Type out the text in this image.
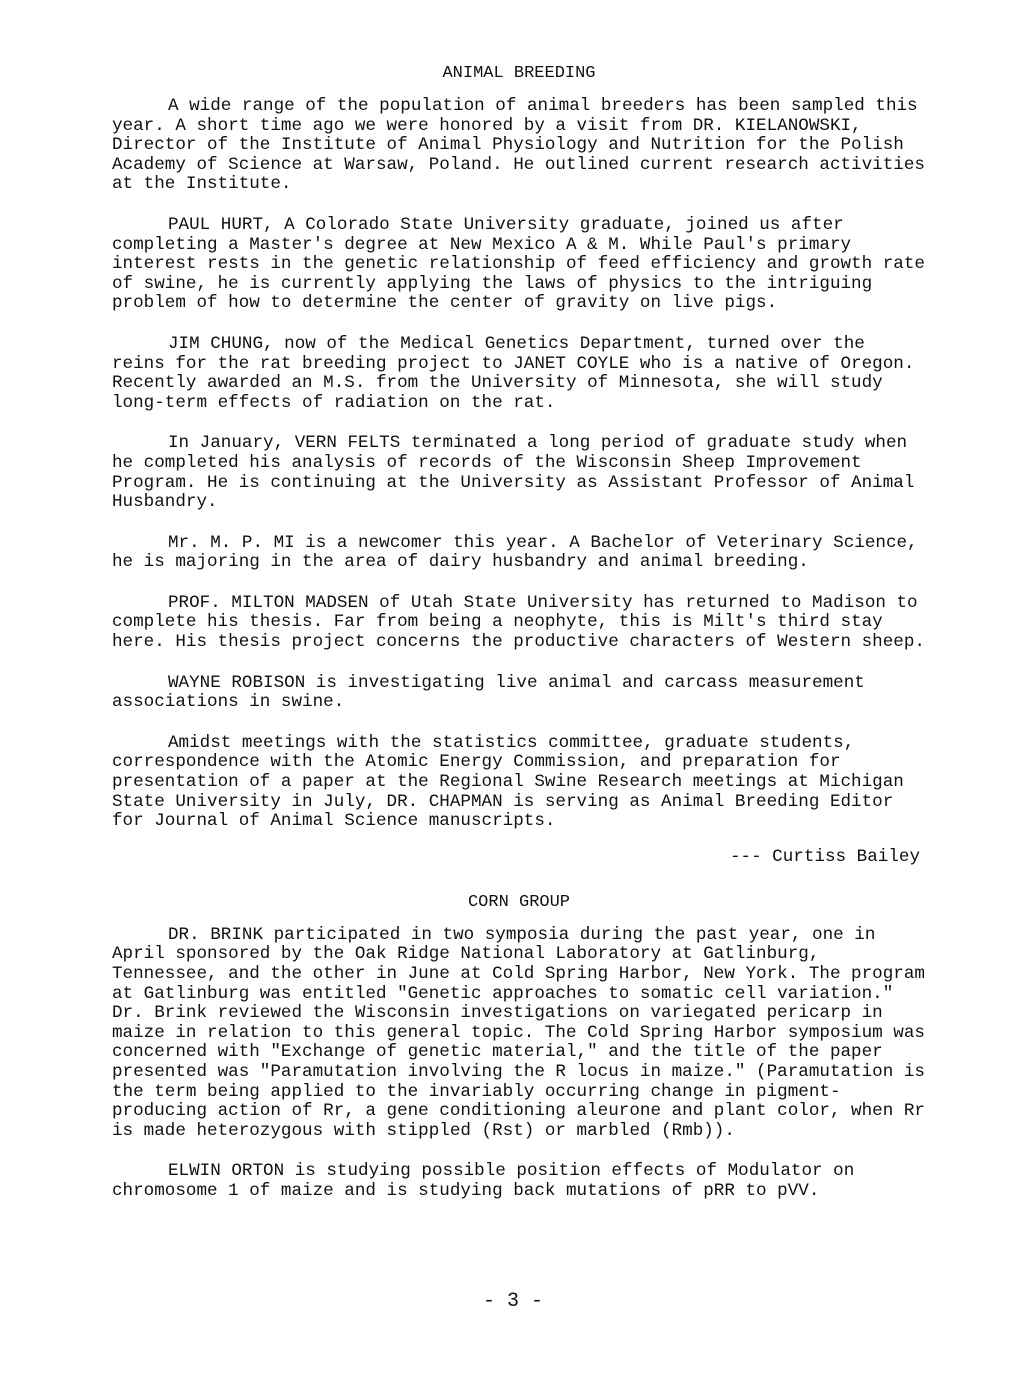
ANIMAL BREEDING

A wide range of the population of animal breeders has been sampled this year. A short time ago we were honored by a visit from DR. KIELANOWSKI, Director of the Institute of Animal Physiology and Nutrition for the Polish Academy of Science at Warsaw, Poland. He outlined current research activities at the Institute.

PAUL HURT, A Colorado State University graduate, joined us after completing a Master's degree at New Mexico A & M. While Paul's primary interest rests in the genetic relationship of feed efficiency and growth rate of swine, he is currently applying the laws of physics to the intriguing problem of how to determine the center of gravity on live pigs.

JIM CHUNG, now of the Medical Genetics Department, turned over the reins for the rat breeding project to JANET COYLE who is a native of Oregon. Recently awarded an M.S. from the University of Minnesota, she will study long-term effects of radiation on the rat.

In January, VERN FELTS terminated a long period of graduate study when he completed his analysis of records of the Wisconsin Sheep Improvement Program. He is continuing at the University as Assistant Professor of Animal Husbandry.

Mr. M. P. MI is a newcomer this year. A Bachelor of Veterinary Science, he is majoring in the area of dairy husbandry and animal breeding.

PROF. MILTON MADSEN of Utah State University has returned to Madison to complete his thesis. Far from being a neophyte, this is Milt's third stay here. His thesis project concerns the productive characters of Western sheep.

WAYNE ROBISON is investigating live animal and carcass measurement associations in swine.

Amidst meetings with the statistics committee, graduate students, correspondence with the Atomic Energy Commission, and preparation for presentation of a paper at the Regional Swine Research meetings at Michigan State University in July, DR. CHAPMAN is serving as Animal Breeding Editor for Journal of Animal Science manuscripts.

--- Curtiss Bailey
CORN GROUP

DR. BRINK participated in two symposia during the past year, one in April sponsored by the Oak Ridge National Laboratory at Gatlinburg, Tennessee, and the other in June at Cold Spring Harbor, New York. The program at Gatlinburg was entitled "Genetic approaches to somatic cell variation." Dr. Brink reviewed the Wisconsin investigations on variegated pericarp in maize in relation to this general topic. The Cold Spring Harbor symposium was concerned with "Exchange of genetic material," and the title of the paper presented was "Paramutation involving the R locus in maize." (Paramutation is the term being applied to the invariably occurring change in pigment-producing action of Rr, a gene conditioning aleurone and plant color, when Rr is made heterozygous with stippled (Rst) or marbled (Rmb)).

ELWIN ORTON is studying possible position effects of Modulator on chromosome 1 of maize and is studying back mutations of pRR to pVV.

- 3 -
